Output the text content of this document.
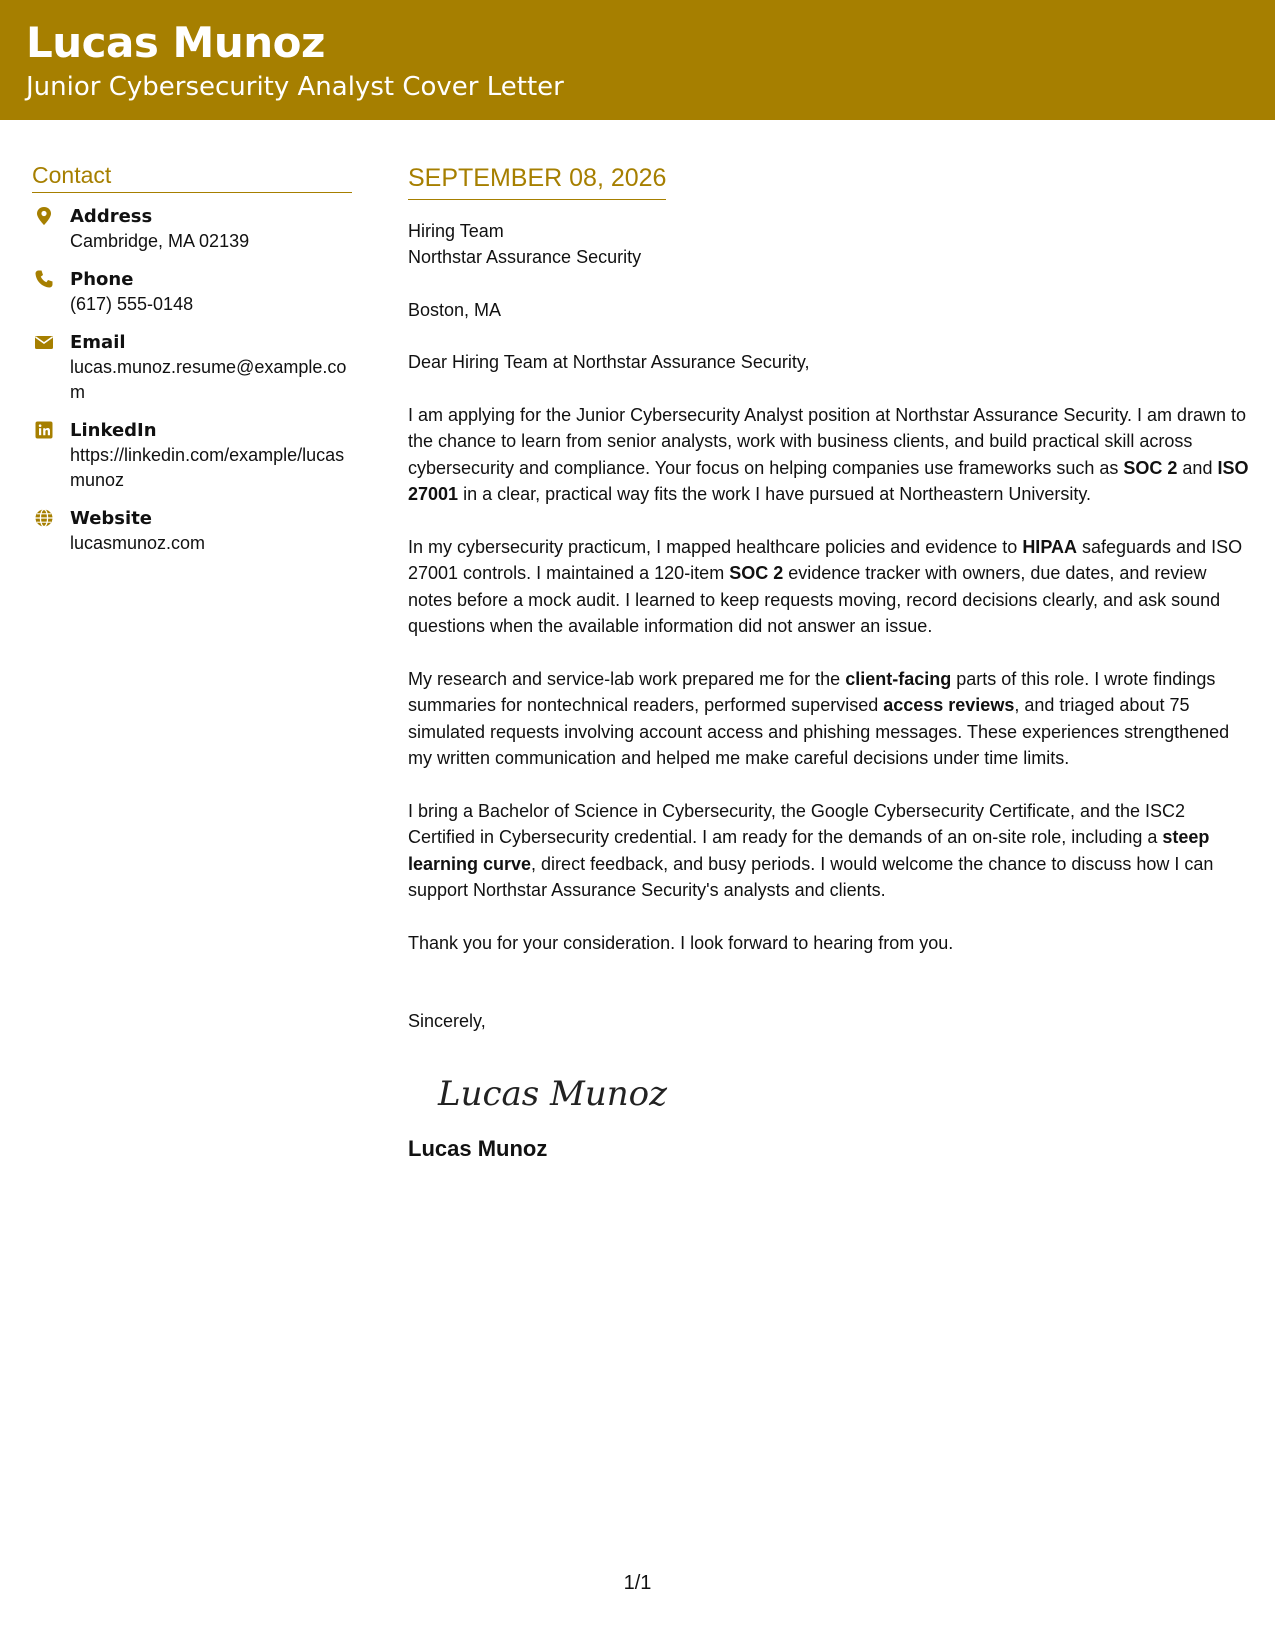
Lucas Munoz
Junior Cybersecurity Analyst Cover Letter
Contact
Address
Cambridge, MA 02139
Phone
(617) 555-0148
Email
lucas.munoz.resume@example.com
LinkedIn
https://linkedin.com/example/lucasmunoz
Website
lucasmunoz.com
SEPTEMBER 08, 2026

Hiring Team

Northstar Assurance Security

Boston, MA

Dear Hiring Team at Northstar Assurance Security,

I am applying for the Junior Cybersecurity Analyst position at Northstar Assurance Security. I am drawn to the chance to learn from senior analysts, work with business clients, and build practical skill across cybersecurity and compliance. Your focus on helping companies use frameworks such as SOC 2 and ISO 27001 in a clear, practical way fits the work I have pursued at Northeastern University.

In my cybersecurity practicum, I mapped healthcare policies and evidence to HIPAA safeguards and ISO 27001 controls. I maintained a 120-item SOC 2 evidence tracker with owners, due dates, and review notes before a mock audit. I learned to keep requests moving, record decisions clearly, and ask sound questions when the available information did not answer an issue.

My research and service-lab work prepared me for the client-facing parts of this role. I wrote findings summaries for nontechnical readers, performed supervised access reviews, and triaged about 75 simulated requests involving account access and phishing messages. These experiences strengthened my written communication and helped me make careful decisions under time limits.

I bring a Bachelor of Science in Cybersecurity, the Google Cybersecurity Certificate, and the ISC2 Certified in Cybersecurity credential. I am ready for the demands of an on-site role, including a steep learning curve, direct feedback, and busy periods. I would welcome the chance to discuss how I can support Northstar Assurance Security's analysts and clients.

Thank you for your consideration. I look forward to hearing from you.

Sincerely,

Lucas Munoz
Lucas Munoz
1/1
